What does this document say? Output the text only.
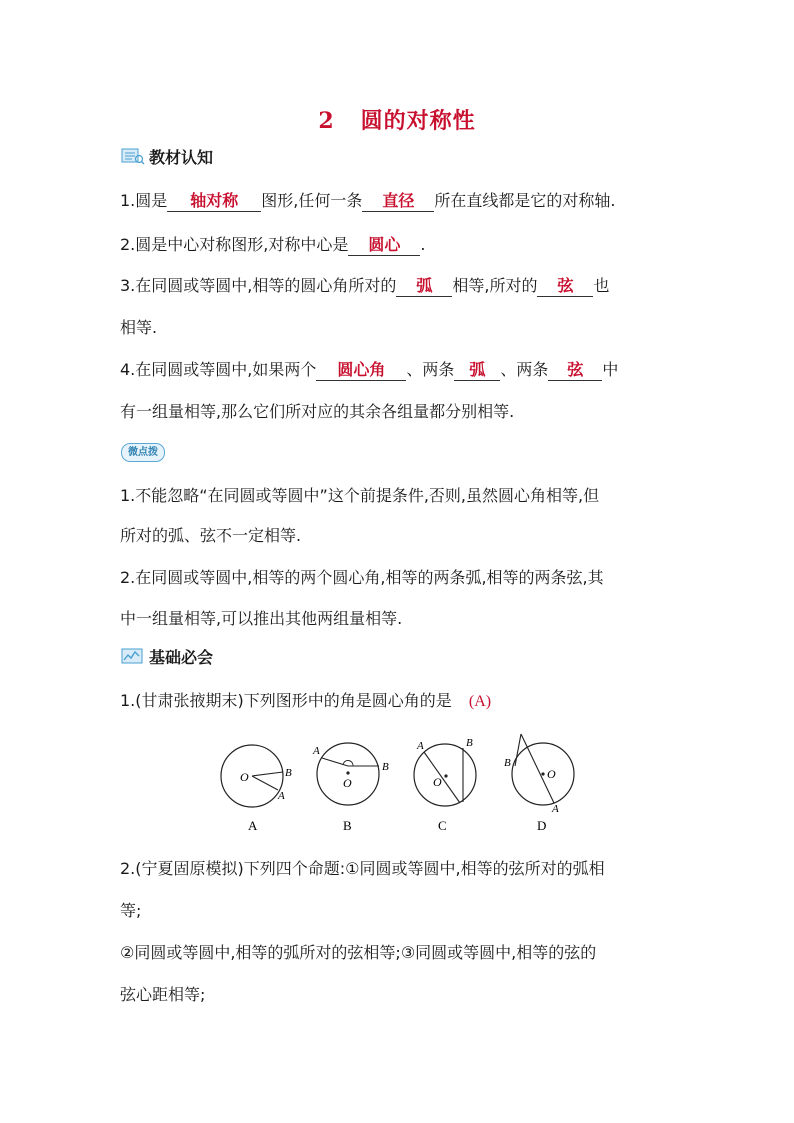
2 圆的对称性
教材认知
1.圆是 轴对称 图形,任何一条 直径 所在直线都是它的对称轴.
2.圆是中心对称图形,对称中心是 圆心 .
3.在同圆或等圆中,相等的圆心角所对的 弧 相等,所对的 弦 也
相等.
4.在同圆或等圆中,如果两个 圆心角 、两条 弧 、两条 弦 中
有一组量相等,那么它们所对应的其余各组量都分别相等.
微点拨
1.不能忽略“在同圆或等圆中”这个前提条件,否则,虽然圆心角相等,但
所对的弧、弦不一定相等.
2.在同圆或等圆中,相等的两个圆心角,相等的两条弧,相等的两条弦,其
中一组量相等,可以推出其他两组量相等.
基础必会
1.(甘肃张掖期末)下列图形中的角是圆心角的是 (A)
O	B
A
A
O
A
B
B
O
A	B
C
O
B
A
D
2.(宁夏固原模拟)下列四个命题:①同圆或等圆中,相等的弦所对的弧相
等;
②同圆或等圆中,相等的弧所对的弦相等;③同圆或等圆中,相等的弦的
弦心距相等;
